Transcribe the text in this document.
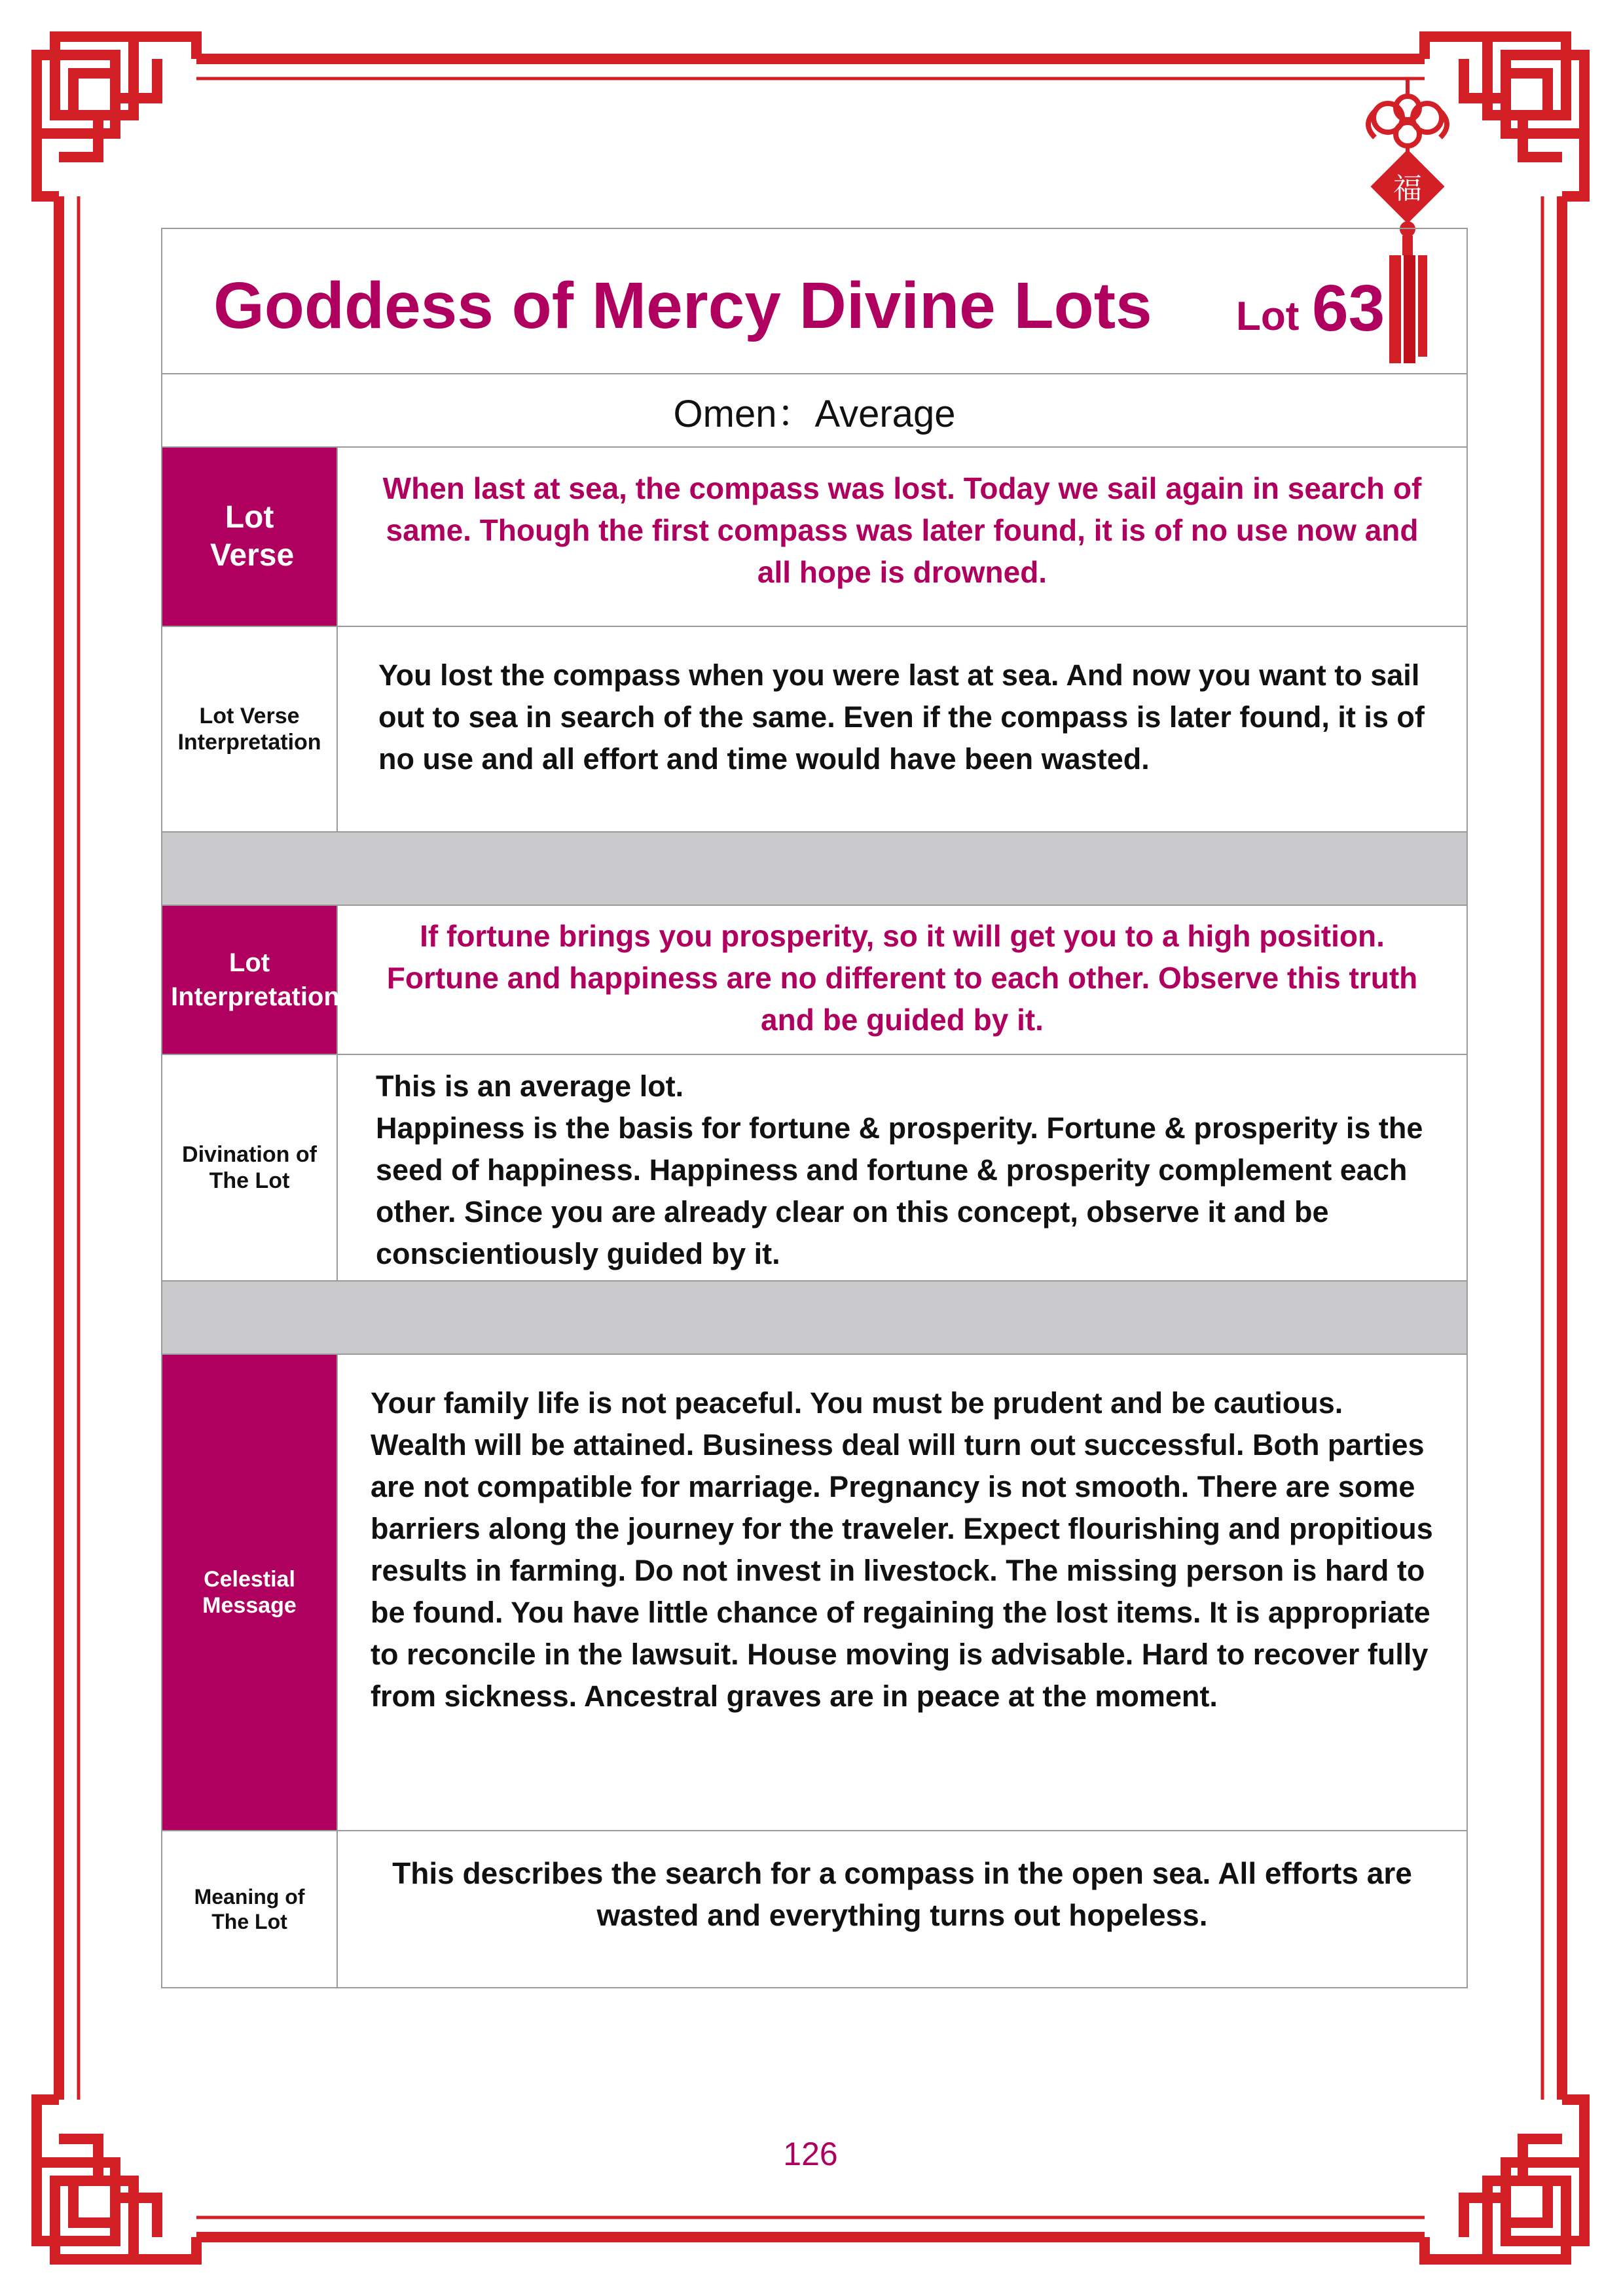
福
Goddess of Mercy Divine Lots Lot 63
Omen：Average
Lot Verse
When last at sea, the compass was lost. Today we sail again in search of same. Though the first compass was later found, it is of no use now and all hope is drowned.
Lot Verse Interpretation
You lost the compass when you were last at sea. And now you want to sail out to sea in search of the same. Even if the compass is later found, it is of no use and all effort and time would have been wasted.
Lot Interpretation
If fortune brings you prosperity, so it will get you to a high position. Fortune and happiness are no different to each other. Observe this truth and be guided by it.
Divination of The Lot
This is an average lot.
Happiness is the basis for fortune & prosperity. Fortune & prosperity is the seed of happiness. Happiness and fortune & prosperity complement each other. Since you are already clear on this concept, observe it and be conscientiously guided by it.
Celestial Message
Your family life is not peaceful. You must be prudent and be cautious. Wealth will be attained. Business deal will turn out successful. Both parties are not compatible for marriage. Pregnancy is not smooth. There are some barriers along the journey for the traveler. Expect flourishing and propitious results in farming. Do not invest in livestock. The missing person is hard to be found. You have little chance of regaining the lost items. It is appropriate to reconcile in the lawsuit. House moving is advisable. Hard to recover fully from sickness. Ancestral graves are in peace at the moment.
Meaning of The Lot
This describes the search for a compass in the open sea. All efforts are wasted and everything turns out hopeless.
126
